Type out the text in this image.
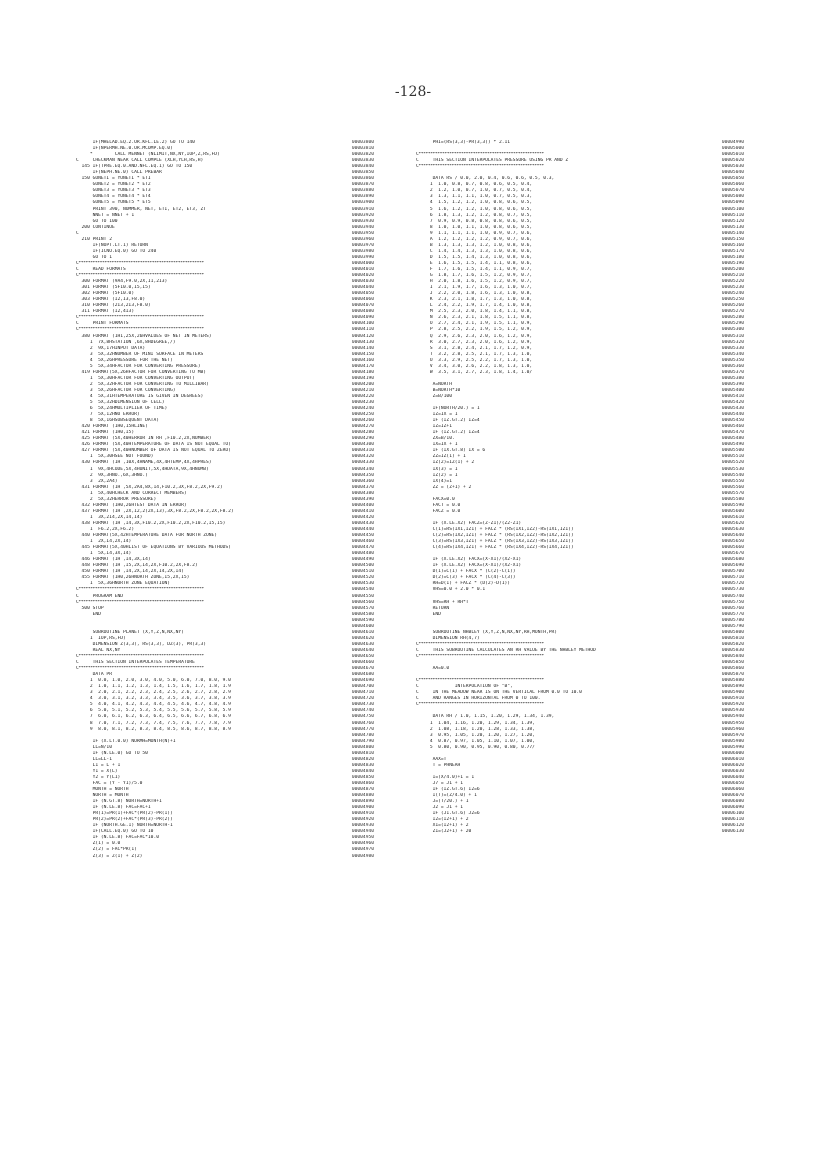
-128-
IF(MHELAD.EQ.2.OR.KFL.LE.2) GO TO 140	00003800
IF(NPERMH.NE.0.OR.MCOMP.EQ.0)	00003810
*        CALL MENNET (NLIMIT,NX,NY,IOP,Z,RS,FD)	00003820
C     CHECKMAN NEAR CALL COMPLE (XLH,YLH,RS,H)	00003830
145 IF(TPRE.EQ.0.AND.NFL.EQ.1) GO TO 150	00003840
IF(NEPH.NE.0) CALL PREBAR	00003850
150 GUNETI = YUNETI * ETI	00003860
GUNET2 = YUNET2 * ET2	00003870
GUNET3 = YUNET3 * ET3	00003880
GUNET4 = YUNET4 * ET4	00003890
GUNET5 = YUNET5 * ET5	00003900
PRINT 390, NUMMER, NET, ETI, ET2, ET3, ZT	00003910
NNET = NNET + 1	00003920
GO TO 100	00003930
200 CONTINUE	00003940
C	00003950
210 PRINT 2	00003960
IF(NOPT.LT.1) RETURN	00003970
IF(ICNO.EQ.0) GO TO 240	00003980
GO TO 1	00003990
C*****************************************************	00004000
C     READ FORMATS	00004010
C*****************************************************	00004020
300 FORMAT (9A4,F9.0,2X,I1,2I3)	00004030
301 FORMAT (5F10.0,I5,I5)	00004040
302 FORMAT (5F10.0)	00004050
303 FORMAT (I2,I3,F8.0)	00004060
310 FORMAT (2I3,2I3,F8.0)	00004070
311 FORMAT (I2,4I3)	00004080
C*****************************************************	00004090
C     PRINT FORMATS	00004100
C*****************************************************	00004110
380 FORMAT (1H1,25X,26HVALUES OF NET IN METERS)	00004120
1  7X,8HSTATION ,6X,8HDEGREE,/)	00004130
2  9X,17HINPUT DATA)	00004140
3  5X,32HNUMBER OF MINI SURFACE IN METERS	00004150
4  5X,26HPRESSURE FOR THE NET)	00004160
5  5X,34HFACTOR FOR CONVERTING PRESSURE)	00004170
419 FORMAT(5X,26HFACTOR FOR CONVERTING TO MB)	00004180
1  5X,30HFACTOR FOR CONVERTING OUTPUT)	00004190
2  5X,32HFACTOR FOR CONVERTING TO MILLIBAR)	00004200
3  5X,26HFACTOR FOR CONVERTING)	00004210
4  5X,31HTEMPERATURE IS GIVEN IN DEGREES)	00004220
5  5X,32HDIMENSION OF CELL)	00004230
6  5X,24HMULTIPLIER OF TIME)	00004240
7  5X,12HNO ERROR)	00004250
8  5X,16HSUBSEQUENT DATA)	00004260
420 FORMAT (1H0,15HLINE)	00004270
421 FORMAT (1H0,I5)	00004280
425 FORMAT (5X,40HERROR IN RH ,F10.2,2X,NUMBER)	00004290
426 FORMAT (5X,40HTEMPERATURE OF DATA IS NOT EQUAL TO)	00004300
427 FORMAT (5X,40HNUMBER OF DATA IS NOT EQUAL TO ZERO)	00004310
1  5X,30HSEE NOT FOUND)	00004320
430 FORMAT (1H ,10X,4HNAME,4X,4HTEMP,4X,4HPRES)	00004330
1  9X,4HCODE,5X,4HUNIT,5X,4HDATA,9X,4HNUMB)	00004340
2  9X,3HNO.,6X,3HNO.)	00004350
3  2X,2A4)	00004360
431 FORMAT (1H ,5X,2A4,8X,14,F10.2,3X,F8.2,2X,F9.2)	00004370
1  5X,40HCHECK AND CORRECT MEMBERS)	00004380
2  5X,32HERROR PRESSURE)	00004390
432 FORMAT (1H0,26HTEST DATA IN ERROR)	00004400
437 FORMAT (1H ,2X,I2,2(2X,I3),3X,F8.2,2X,F8.2,2X,F8.2)	00004410
1  3X,2I4,2X,I4,I4)	00004420
438 FORMAT (1H ,I4,3X,F10.2,2X,F10.2,2X,F10.2,I5,I5)	00004430
1  F6.2,2X,F6.2)	00004440
440 FORMAT(5X,42HTEMPERATURE DATA FOR NORTH ZONE)	00004450
1  2X,I4,2X,I4)	00004460
445 FORMAT(5X,40HLIST OF EQUATIONS BY VARIOUS METHODS)	00004470
1  5X,I4,3X,I4)	00004480
446 FORMAT (1H ,I4,3X,I4)	00004490
448 FORMAT (1H ,I5,2X,I4,2X,F10.2,2X,F8.2)	00004500
450 FORMAT (1H ,I4,2X,I4,2X,I4,2X,I4)	00004510
455 FORMAT (1H0,26HNORTH ZONE,I5,2X,I5)	00004520
1  5X,36HNORTH ZONE EQUATION)	00004530
C*****************************************************	00004540
C     PROGRAM END	00004550
C*****************************************************	00004560
500 STOP	00004570
END	00004580
00004590
00004600
SUBROUTINE PLANET (X,Y,Z,N,NX,NY)	00004610
1  IOP,RS,FD)	00004620
DIMENSION Z(3,3), RS(3,3), DZ(3), PR(3,3)	00004630
REAL NX,NY	00004640
C*****************************************************	00004650
C     THIS SECTION INTERPOLATES TEMPERATURE	00004660
C*****************************************************	00004670
DATA PR	00004680
1  0.0, 1.0, 2.0, 3.0, 4.0, 5.0, 6.0, 7.0, 8.0, 9.0	00004690
2  1.0, 1.1, 1.2, 1.3, 1.4, 1.5, 1.6, 1.7, 1.8, 1.9	00004700
3  2.0, 2.1, 2.2, 2.3, 2.4, 2.5, 2.6, 2.7, 2.8, 2.9	00004710
4  3.0, 3.1, 3.2, 3.3, 3.4, 3.5, 3.6, 3.7, 3.8, 3.9	00004720
5  4.0, 4.1, 4.2, 4.3, 4.4, 4.5, 4.6, 4.7, 4.8, 4.9	00004730
6  5.0, 5.1, 5.2, 5.3, 5.4, 5.5, 5.6, 5.7, 5.8, 5.9	00004740
7  6.0, 6.1, 6.2, 6.3, 6.4, 6.5, 6.6, 6.7, 6.8, 6.9	00004750
8  7.0, 7.1, 7.2, 7.3, 7.4, 7.5, 7.6, 7.7, 7.8, 7.9	00004760
9  8.0, 8.1, 8.2, 8.3, 8.4, 8.5, 8.6, 8.7, 8.8, 8.9	00004770
00004780
IF (X.LT.0.0) NORMH=MONTH(N)+1	00004790
LL=N/10	00004800
IF (N.LE.0) GO TO 50	00004810
LL=LL-1	00004820
L1 = L + 1	00004830
Y1 = X(L)	00004840
Y2 = Y(L1)	00004850
FAC = (Y - Y1)/5.0	00004860
MONTH = NORTH	00004870
NORTH = MONTH	00004880
IF (N.GT.8) NORTH=NORTH+1	00004890
IF (N.LE.8) FAC=FAC+1	00004900
PR(1)=PR(1)+FAC*(PR(2)-PR(1))	00004910
PR(2)=PR(2)+FAC*(PR(3)-PR(2))	00004920
IF (NORTH.GE.1) NORTH=NORTH-1	00004930
IF(CALL.EQ.0) GO TO 10	00004940
IF (N.LE.8) FAC=FAC*10.0	00004950
Z(1) = 0.0	00004960
Z(2) = FAC*PR(1)	00004970
Z(3) = Z(1) + Z(2)	00004980
PHI=(RS(3,3)-PR(3,3)) * 2.11	00004990
00005000
C*****************************************************	00005010
C     THIS SECTION INTERPOLATES PRESSURE USING PR AND Z	00005020
C*****************************************************	00005030
00005040
DATA RS / 0.0, 2.0, 0.4, 0.6, 0.6, 0.5, 0.3,	00005050
1  1.0, 0.8, 0.7, 0.8, 0.6, 0.5, 0.4,	00005060
2  1.2, 1.0, 0.7, 1.0, 0.7, 0.5, 0.4,	00005070
3  1.3, 1.1, 1.1, 1.0, 0.7, 0.5, 0.3,	00005080
4  1.5, 1.2, 1.2, 1.0, 0.8, 0.6, 0.5,	00005090
5  1.6, 1.2, 1.2, 1.0, 0.8, 0.6, 0.5,	00005100
6  1.8, 1.3, 1.2, 1.2, 0.8, 0.7, 0.5,	00005110
7  0.9, 0.9, 0.8, 0.8, 0.8, 0.6, 0.5,	00005120
8  1.0, 1.0, 1.1, 1.0, 0.8, 0.6, 0.5,	00005130
9  1.1, 1.1, 1.1, 1.0, 0.9, 0.7, 0.6,	00005140
A  1.2, 1.2, 1.2, 1.2, 0.9, 0.7, 0.6,	00005150
B  1.3, 1.3, 1.3, 1.2, 1.0, 0.8, 0.6,	00005160
C  1.4, 1.4, 1.3, 1.3, 1.0, 0.8, 0.6,	00005170
D  1.5, 1.5, 1.4, 1.3, 1.0, 0.8, 0.6,	00005180
E  1.6, 1.5, 1.5, 1.4, 1.1, 0.8, 0.6,	00005190
F  1.7, 1.6, 1.5, 1.4, 1.1, 0.9, 0.7,	00005200
G  1.8, 1.7, 1.6, 1.5, 1.2, 0.9, 0.7,	00005210
H  2.0, 1.8, 1.6, 1.5, 1.2, 0.9, 0.7,	00005220
I  2.1, 1.9, 1.7, 1.6, 1.3, 1.0, 0.7,	00005230
J  2.2, 2.0, 1.8, 1.6, 1.3, 1.0, 0.8,	00005240
K  2.3, 2.1, 1.8, 1.7, 1.3, 1.0, 0.8,	00005250
L  2.4, 2.2, 1.9, 1.7, 1.4, 1.0, 0.8,	00005260
M  2.5, 2.3, 2.0, 1.8, 1.4, 1.1, 0.8,	00005270
N  2.6, 2.3, 2.1, 1.8, 1.5, 1.1, 0.8,	00005280
O  2.7, 2.4, 2.1, 1.9, 1.5, 1.1, 0.9,	00005290
P  2.8, 2.5, 2.2, 1.9, 1.5, 1.2, 0.9,	00005300
Q  2.9, 2.6, 2.3, 2.0, 1.6, 1.2, 0.9,	00005310
R  3.0, 2.7, 2.3, 2.0, 1.6, 1.2, 0.9,	00005320
S  3.1, 2.8, 2.4, 2.1, 1.7, 1.2, 0.9,	00005330
T  3.2, 2.8, 2.5, 2.1, 1.7, 1.3, 1.0,	00005340
U  3.3, 2.9, 2.5, 2.2, 1.7, 1.3, 1.0,	00005350
V  3.4, 3.0, 2.6, 2.2, 1.8, 1.3, 1.0,	00005360
W  3.5, 3.1, 2.7, 2.3, 1.8, 1.4, 1.0/	00005370
00005380
A=NORTH	00005390
B=NORTH*10	00005400
Z=B/100	00005410
00005420
IF(NORTH/20.) = 1	00005430
IZ=IX = 1	00005440
IF (IZ.GT.2) IZ=4	00005450
IZ=IZ+1	00005460
IF (IZ.GT.2) IZ=4	00005470
ZX=B/10.	00005480
IX=IX + 1	00005490
IF (IX.GT.8) IX = 6	00005500
ZZ=IZ(1) + 1	00005510
IZ(2)=IZ(1) + 2	00005520
IX(3) = 1	00005530
IZ(2) = 1	00005540
IX(4)=1	00005550
ZZ = (Z+1) + 2	00005560
00005570
FACX=0.0	00005580
FACT = 0.0	00005590
FACZ = 0.0	00005600
00005610
IF (X.LE.X2) FACZ=(Z-Z1)/(Z2-Z1)	00005620
C(1)=RS(IX1,IZ1) + FACZ * (RS(IX1,IZ2)-RS(IX1,IZ1))	00005630
C(2)=RS(IX2,IZ1) + FACZ * (RS(IX2,IZ2)-RS(IX2,IZ1))	00005640
C(3)=RS(IX3,IZ1) + FACZ * (RS(IX3,IZ2)-RS(IX3,IZ1))	00005650
C(4)=RS(IX4,IZ1) + FACZ * (RS(IX4,IZ2)-RS(IX4,IZ1))	00005660
00005670
IF (X.LE.X2) FACX=(X-X1)/(X2-X1)	00005680
IF (X.LE.X2) FACX=(X-X1)/(X2-X1)	00005690
D(1)=C(1) + FACX * (C(2)-C(1))	00005700
D(2)=C(3) + FACX * (C(4)-C(3))	00005710
RH=D(1) + FACZ * (D(2)-D(1))	00005720
VHS=0.0 + 2.0 * 0.1	00005730
00005740
VHS=RH + RH*T	00005750
RETURN	00005760
END	00005770
00005780
00005790
SUBROUTINE NHBLEY (X,Y,Z,N,NX,NY,RH,MONTH,PR)	00005800
DIMENSION RH(4,7)	00005810
C*****************************************************	00005820
C     THIS SUBROUTINE CALCULATES AN RH VALUE BY THE NHBLEY METHOD	00005830
C*****************************************************	00005840
00005850
AA=0.0	00005860
00005870
C*****************************************************	00005880
C             INTERPOLATION OF "B",	00005890
C     IN THE MEADOW NEAR IS ON THE VERTICAL FROM 0.0 TO 10.0	00005900
C     AND RANGES IN HORIZONTAL FROM 0 TO 100.	00005910
C*****************************************************	00005920
00005930
DATA RH / 1.0, 1.15, 1.20, 1.29, 1.34, 1.39,	00005940
1  1.04, 1.16, 1.20, 1.29, 1.34, 1.39,	00005950
2  1.08, 1.18, 1.20, 1.28, 1.33, 1.38,	00005960
3  0.95, 1.05, 1.20, 1.20, 1.27, 1.20,	00005970
4  0.87, 0.97, 1.05, 1.10, 1.07, 1.00,	00005980
5  0.80, 0.90, 0.95, 0.90, 0.80, 0.77/	00005990
00006000
AAX=T	00006010
T = PHNEAH	00006020
00006030
I=(X/4.0)+1 = 1	00006040
J7 = J1 + 1	00006050
IF (IZ.GT.6) I2=6	00006060
I(T)=(Z/4.0) + 1	00006070
J=(T/20.) + 1	00006080
J2 = J1 + 1	00006090
IF (J1.GT.6) J2=6	00006100
I2=(I2+1) + 2	00006110
X1=(I2+1) + 2	00006120
Z1=(J2+1) + 20	00006130
